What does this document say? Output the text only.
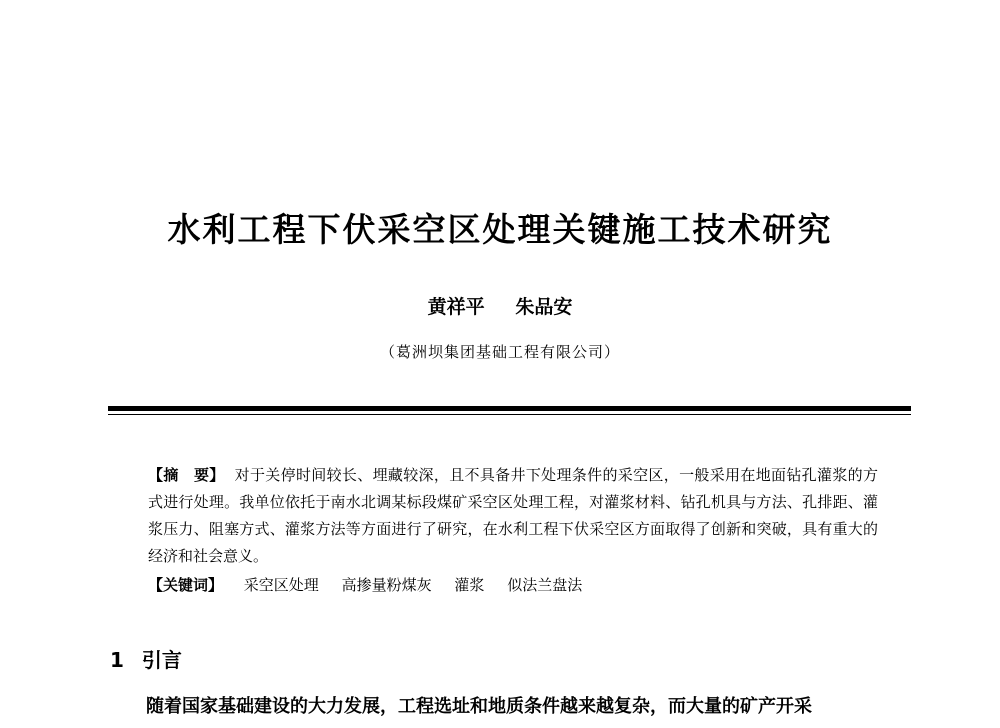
水利工程下伏采空区处理关键施工技术研究
黄祥平 朱品安
（葛洲坝集团基础工程有限公司）
【摘　要】 对于关停时间较长、埋藏较深，且不具备井下处理条件的采空区，一般采用在地面钻孔灌浆的方式进行处理。我单位依托于南水北调某标段煤矿采空区处理工程，对灌浆材料、钻孔机具与方法、孔排距、灌浆压力、阻塞方式、灌浆方法等方面进行了研究，在水利工程下伏采空区方面取得了创新和突破，具有重大的经济和社会意义。
【关键词】 采空区处理 高掺量粉煤灰 灌浆 似法兰盘法
1 引言
随着国家基础建设的大力发展，工程选址和地质条件越来越复杂，而大量的矿产开采
